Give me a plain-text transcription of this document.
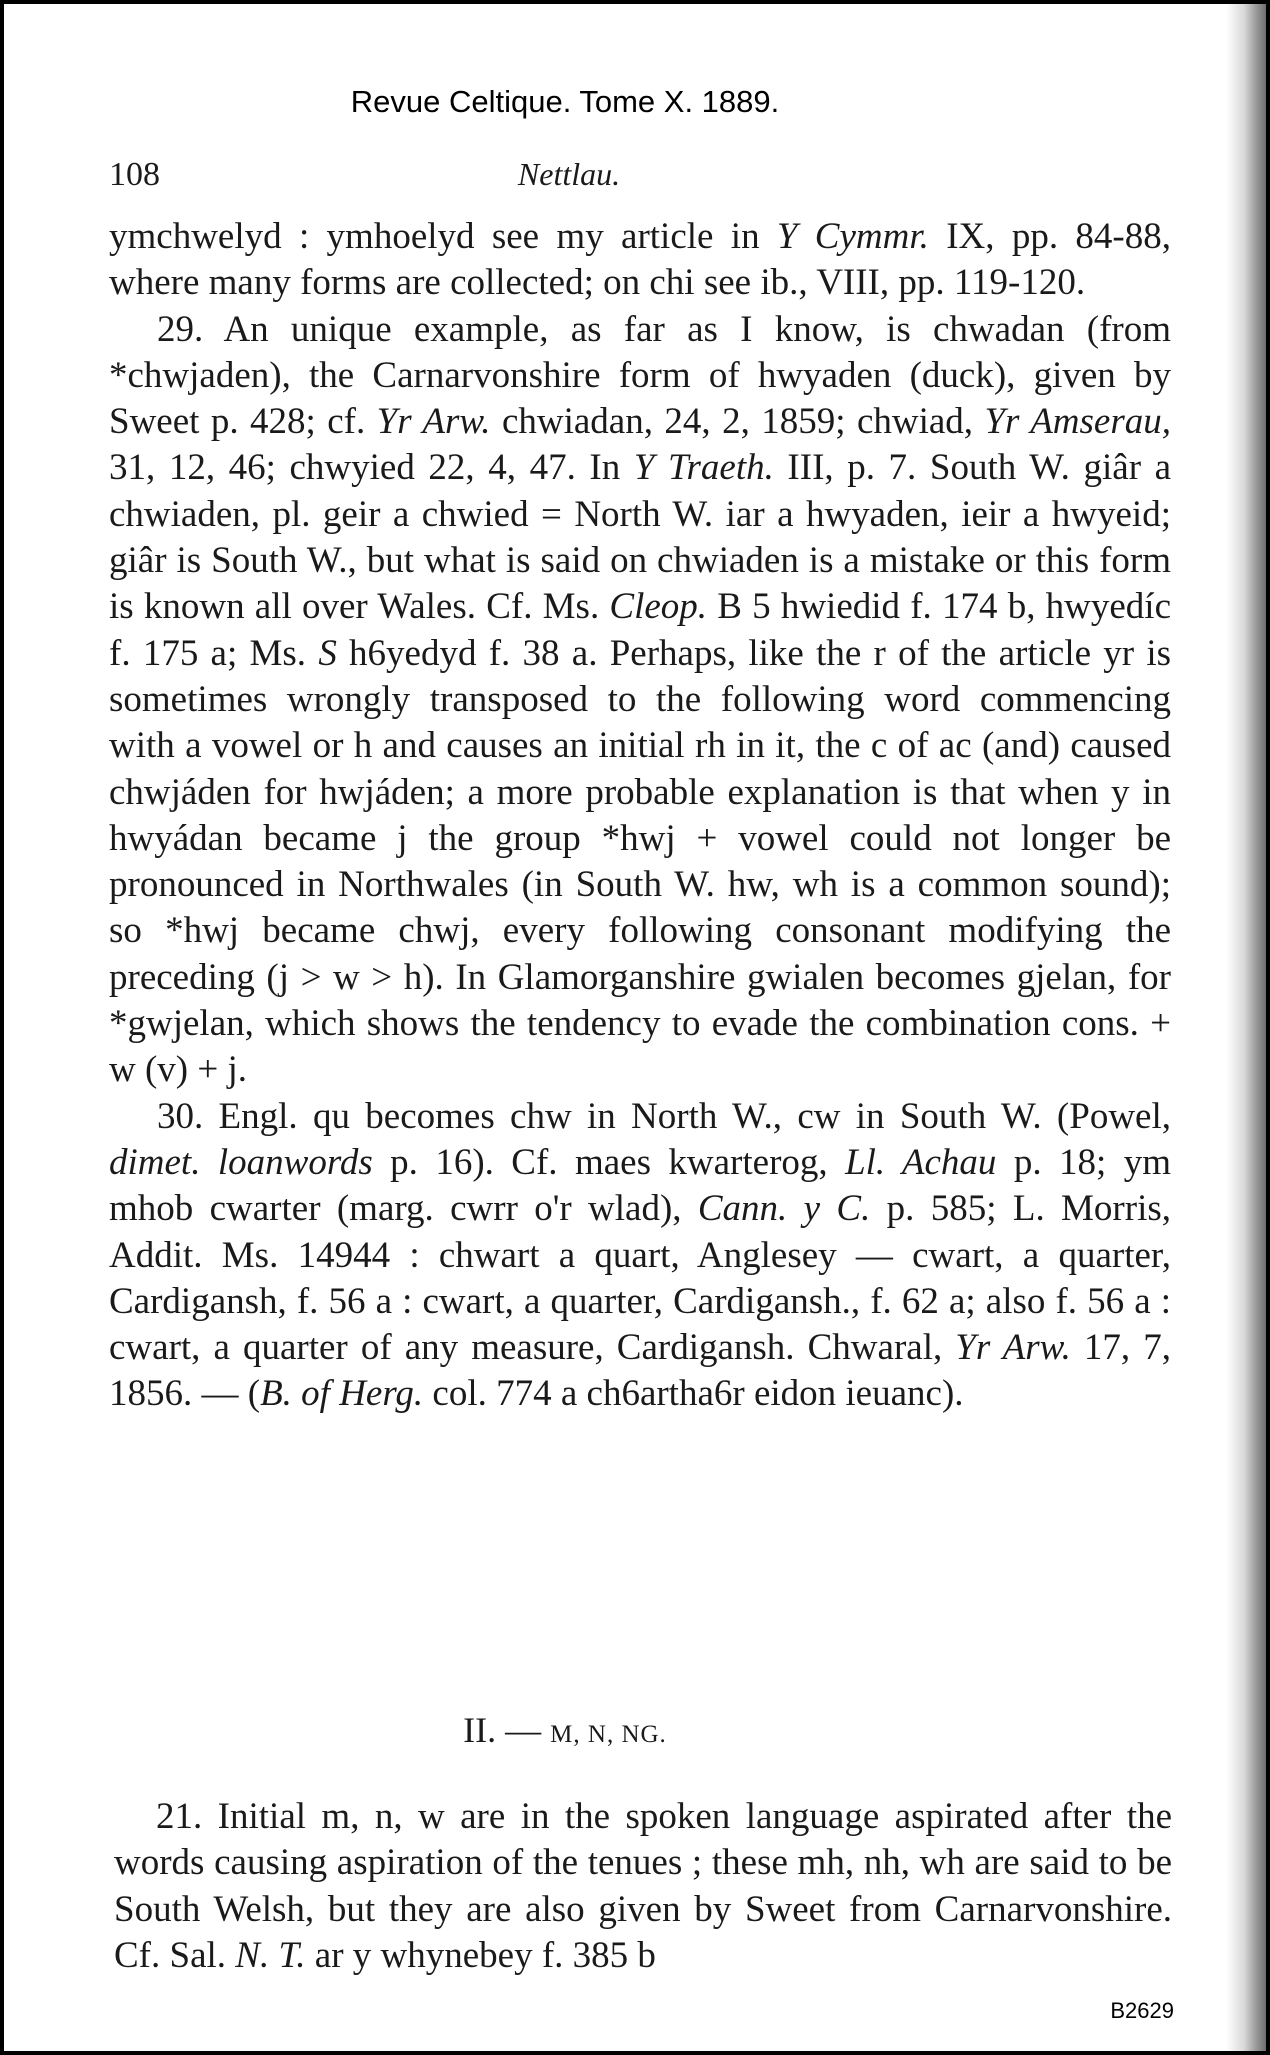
Revue Celtique. Tome X. 1889.
108	Nettlau.

ymchwelyd : ymhoelyd see my article in Y Cymmr. IX, pp. 84-88, where many forms are collected; on chi see ib., VIII, pp. 119-120.

29. An unique example, as far as I know, is chwadan (from *chwjaden), the Carnarvonshire form of hwyaden (duck), given by Sweet p. 428; cf. Yr Arw. chwiadan, 24, 2, 1859; chwiad, Yr Amserau, 31, 12, 46; chwyied 22, 4, 47. In Y Traeth. III, p. 7. South W. giâr a chwiaden, pl. geir a chwied = North W. iar a hwyaden, ieir a hwyeid; giâr is South W., but what is said on chwiaden is a mistake or this form is known all over Wales. Cf. Ms. Cleop. B 5 hwiedid f. 174 b, hwyedíc f. 175 a; Ms. S h6yedyd f. 38 a. Perhaps, like the r of the article yr is sometimes wrongly transposed to the following word commencing with a vowel or h and causes an initial rh in it, the c of ac (and) caused chwjáden for hwjáden; a more probable explanation is that when y in hwyádan became j the group *hwj + vowel could not longer be pronounced in Northwales (in South W. hw, wh is a common sound); so *hwj became chwj, every following consonant modifying the preceding (j > w > h). In Glamorganshire gwialen becomes gjelan, for *gwjelan, which shows the tendency to evade the combination cons. + w (v) + j.

30. Engl. qu becomes chw in North W., cw in South W. (Powel, dimet. loanwords p. 16). Cf. maes kwarterog, Ll. Achau p. 18; ym mhob cwarter (marg. cwrr o'r wlad), Cann. y C. p. 585; L. Morris, Addit. Ms. 14944 : chwart a quart, Anglesey — cwart, a quarter, Cardigansh, f. 56 a : cwart, a quarter, Cardigansh., f. 62 a; also f. 56 a : cwart, a quarter of any measure, Cardigansh. Chwaral, Yr Arw. 17, 7, 1856. — (B. of Herg. col. 774 a ch6artha6r eidon ieuanc).

II. — M, N, NG.

21. Initial m, n, w are in the spoken language aspirated after the words causing aspiration of the tenues ; these mh, nh, wh are said to be South Welsh, but they are also given by Sweet from Carnarvonshire. Cf. Sal. N. T. ar y whynebey f. 385 b

B2629
